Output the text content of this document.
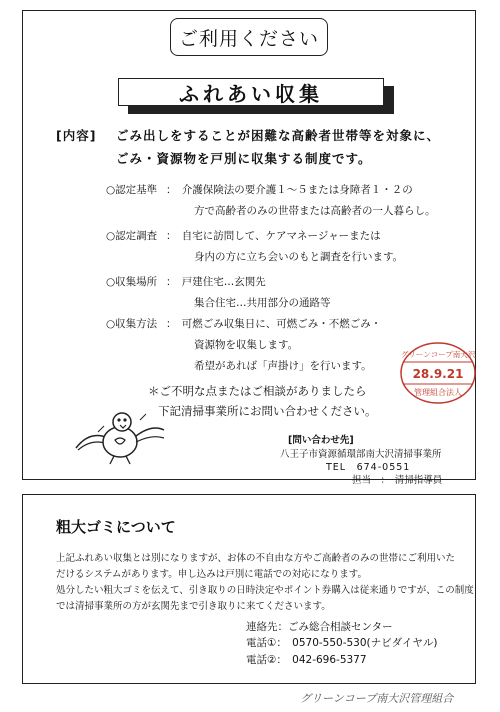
ご利用ください
ふれあい収集
[内容] ごみ出しをすることが困難な高齢者世帯等を対象に、
ごみ・資源物を戸別に収集する制度です。
○認定基準 ：　介護保険法の要介護１～５または身障者１・２の
方で高齢者のみの世帯または高齢者の一人暮らし。
○認定調査 ：　自宅に訪問して、ケアマネージャーまたは
身内の方に立ち会いのもと調査を行います。
○収集場所 ：　戸建住宅…玄関先
集合住宅…共用部分の通路等
○収集方法 ：　可燃ごみ収集日に、可燃ごみ・不燃ごみ・
資源物を収集します。
希望があれば「声掛け」を行います。
＊ご不明な点またはご相談がありましたら
下記清掃事業所にお問い合わせください。
グリーンコープ南大沢
28.9.21
管理組合法人
[問い合わせ先]
八王子市資源循環部南大沢清掃事業所
TEL　674-0551
担当　：　清掃指導員
粗大ゴミについて
上記ふれあい収集とは別になりますが、お体の不自由な方やご高齢者のみの世帯にご利用いた
だけるシステムがあります。申し込みは戸別に電話での対応になります。
処分したい粗大ゴミを伝えて、引き取りの日時決定やポイント券購入は従来通りですが、この制度
では清掃事業所の方が玄関先まで引き取りに来てくださいます。
連絡先：ごみ総合相談センター
電話①：　0570-550-530(ナビダイヤル)
電話②：　042-696-5377
グリーンコープ南大沢管理組合
